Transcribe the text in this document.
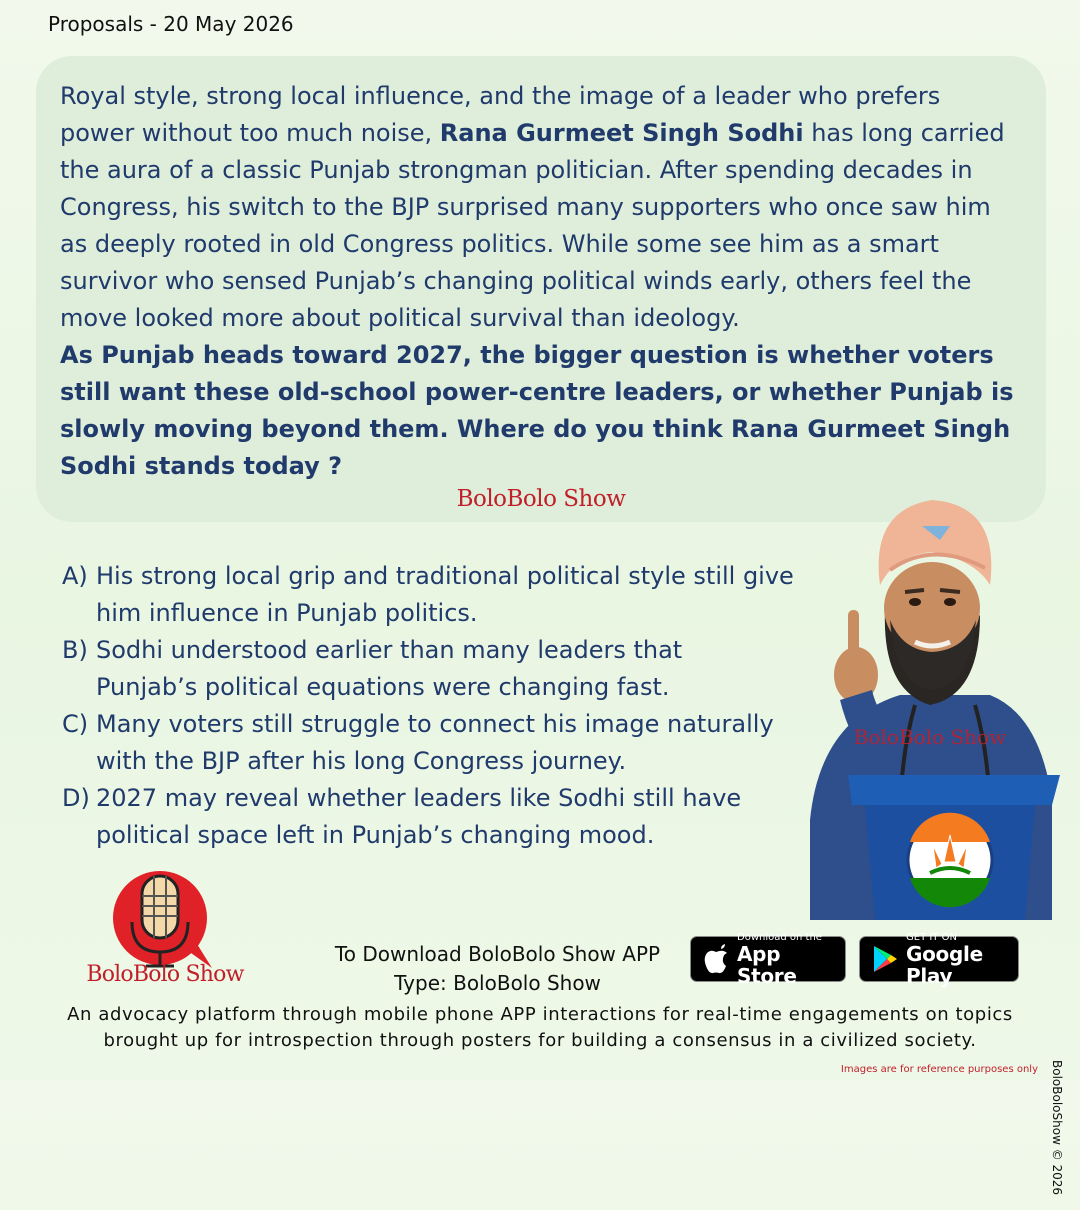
Proposals - 20 May 2026

Royal style, strong local influence, and the image of a leader who prefers power without too much noise, Rana Gurmeet Singh Sodhi has long carried the aura of a classic Punjab strongman politician. After spending decades in Congress, his switch to the BJP surprised many supporters who once saw him as deeply rooted in old Congress politics. While some see him as a smart survivor who sensed Punjab’s changing political winds early, others feel the move looked more about political survival than ideology.
As Punjab heads toward 2027, the bigger question is whether voters still want these old-school power-centre leaders, or whether Punjab is slowly moving beyond them. Where do you think Rana Gurmeet Singh Sodhi stands today ?

BoloBolo Show
A) His strong local grip and traditional political style still give him influence in Punjab politics.
B) Sodhi understood earlier than many leaders that Punjab’s political equations were changing fast.
C) Many voters still struggle to connect his image naturally with the BJP after his long Congress journey.
D) 2027 may reveal whether leaders like Sodhi still have political space left in Punjab’s changing mood.
BoloBolo Show
BoloBolo Show
To Download BoloBolo Show APP
Type: BoloBolo Show
Download on the
App Store
GET IT ON
Google Play
An advocacy platform through mobile phone APP interactions for real-time engagements on topics
brought up for introspection through posters for building a consensus in a civilized society.
Images are for reference purposes only BoloBoloShow © 2026
